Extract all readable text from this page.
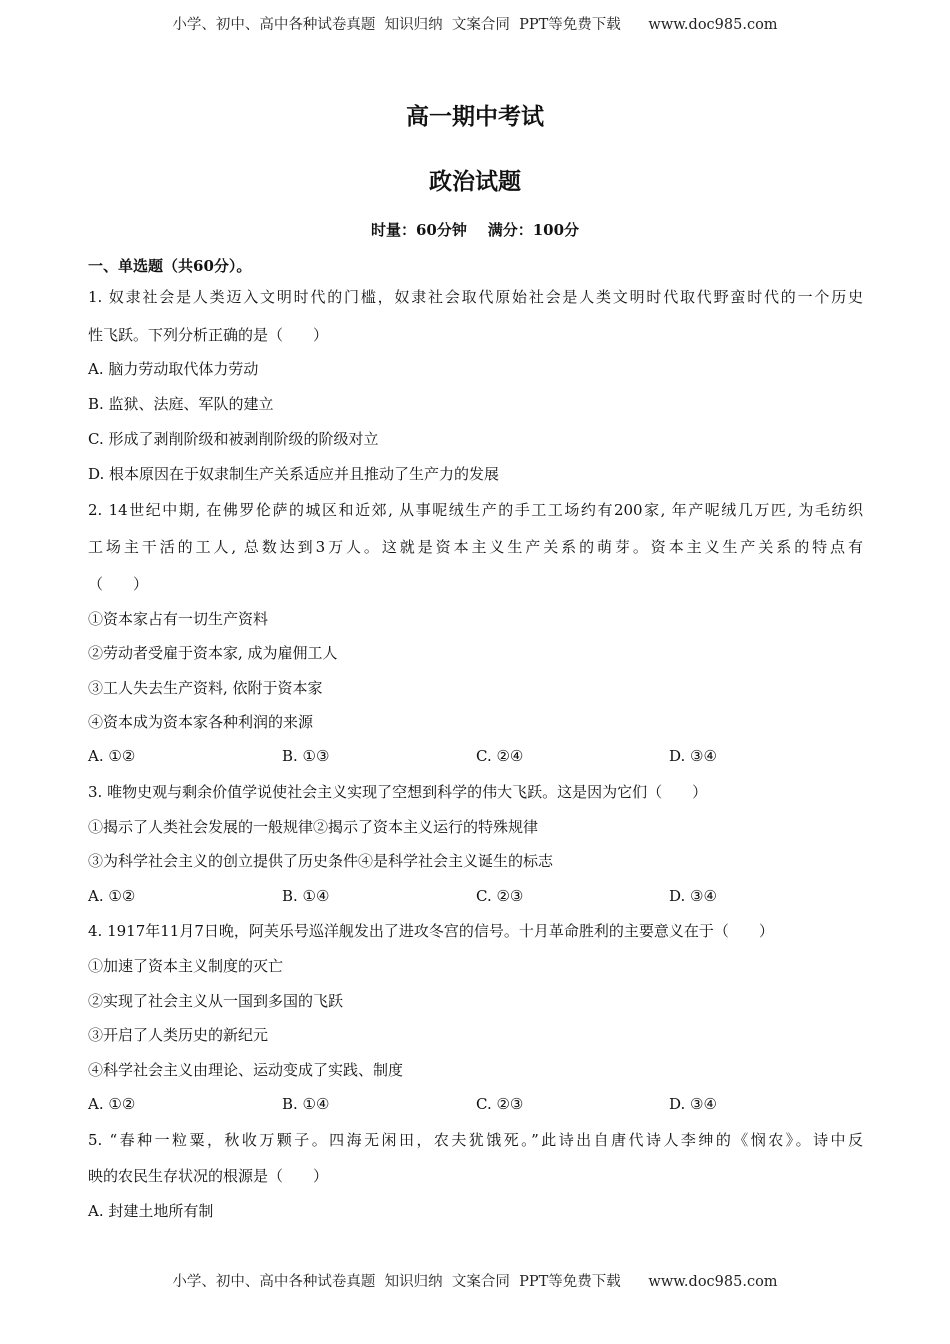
小学、初中、高中各种试卷真题  知识归纳  文案合同  PPT等免费下载      www.doc985.com
高一期中考试
政治试题
时量：60分钟    满分：100分
一、单选题（共60分）。
1. 奴隶社会是人类迈入文明时代的门槛，奴隶社会取代原始社会是人类文明时代取代野蛮时代的一个历史
性飞跃。下列分析正确的是（　　）
A. 脑力劳动取代体力劳动
B. 监狱、法庭、军队的建立
C. 形成了剥削阶级和被剥削阶级的阶级对立
D. 根本原因在于奴隶制生产关系适应并且推动了生产力的发展
2. 14世纪中期, 在佛罗伦萨的城区和近郊, 从事呢绒生产的手工工场约有200家, 年产呢绒几万匹, 为毛纺织
工场主干活的工人, 总数达到3万人。这就是资本主义生产关系的萌芽。资本主义生产关系的特点有
（　　）
①资本家占有一切生产资料
②劳动者受雇于资本家, 成为雇佣工人
③工人失去生产资料, 依附于资本家
④资本成为资本家各种利润的来源
A. ①②	B. ①③	C. ②④	D. ③④
3. 唯物史观与剩余价值学说使社会主义实现了空想到科学的伟大飞跃。这是因为它们（　　）
①揭示了人类社会发展的一般规律②揭示了资本主义运行的特殊规律
③为科学社会主义的创立提供了历史条件④是科学社会主义诞生的标志
A. ①②	B. ①④	C. ②③	D. ③④
4. 1917年11月7日晚，阿芙乐号巡洋舰发出了进攻冬宫的信号。十月革命胜利的主要意义在于（　　）
①加速了资本主义制度的灭亡
②实现了社会主义从一国到多国的飞跃
③开启了人类历史的新纪元
④科学社会主义由理论、运动变成了实践、制度
A. ①②	B. ①④	C. ②③	D. ③④
5. “春种一粒粟，秋收万颗子。四海无闲田，农夫犹饿死。”此诗出自唐代诗人李绅的《悯农》。诗中反
映的农民生存状况的根源是（　　）
A. 封建土地所有制
小学、初中、高中各种试卷真题  知识归纳  文案合同  PPT等免费下载      www.doc985.com
